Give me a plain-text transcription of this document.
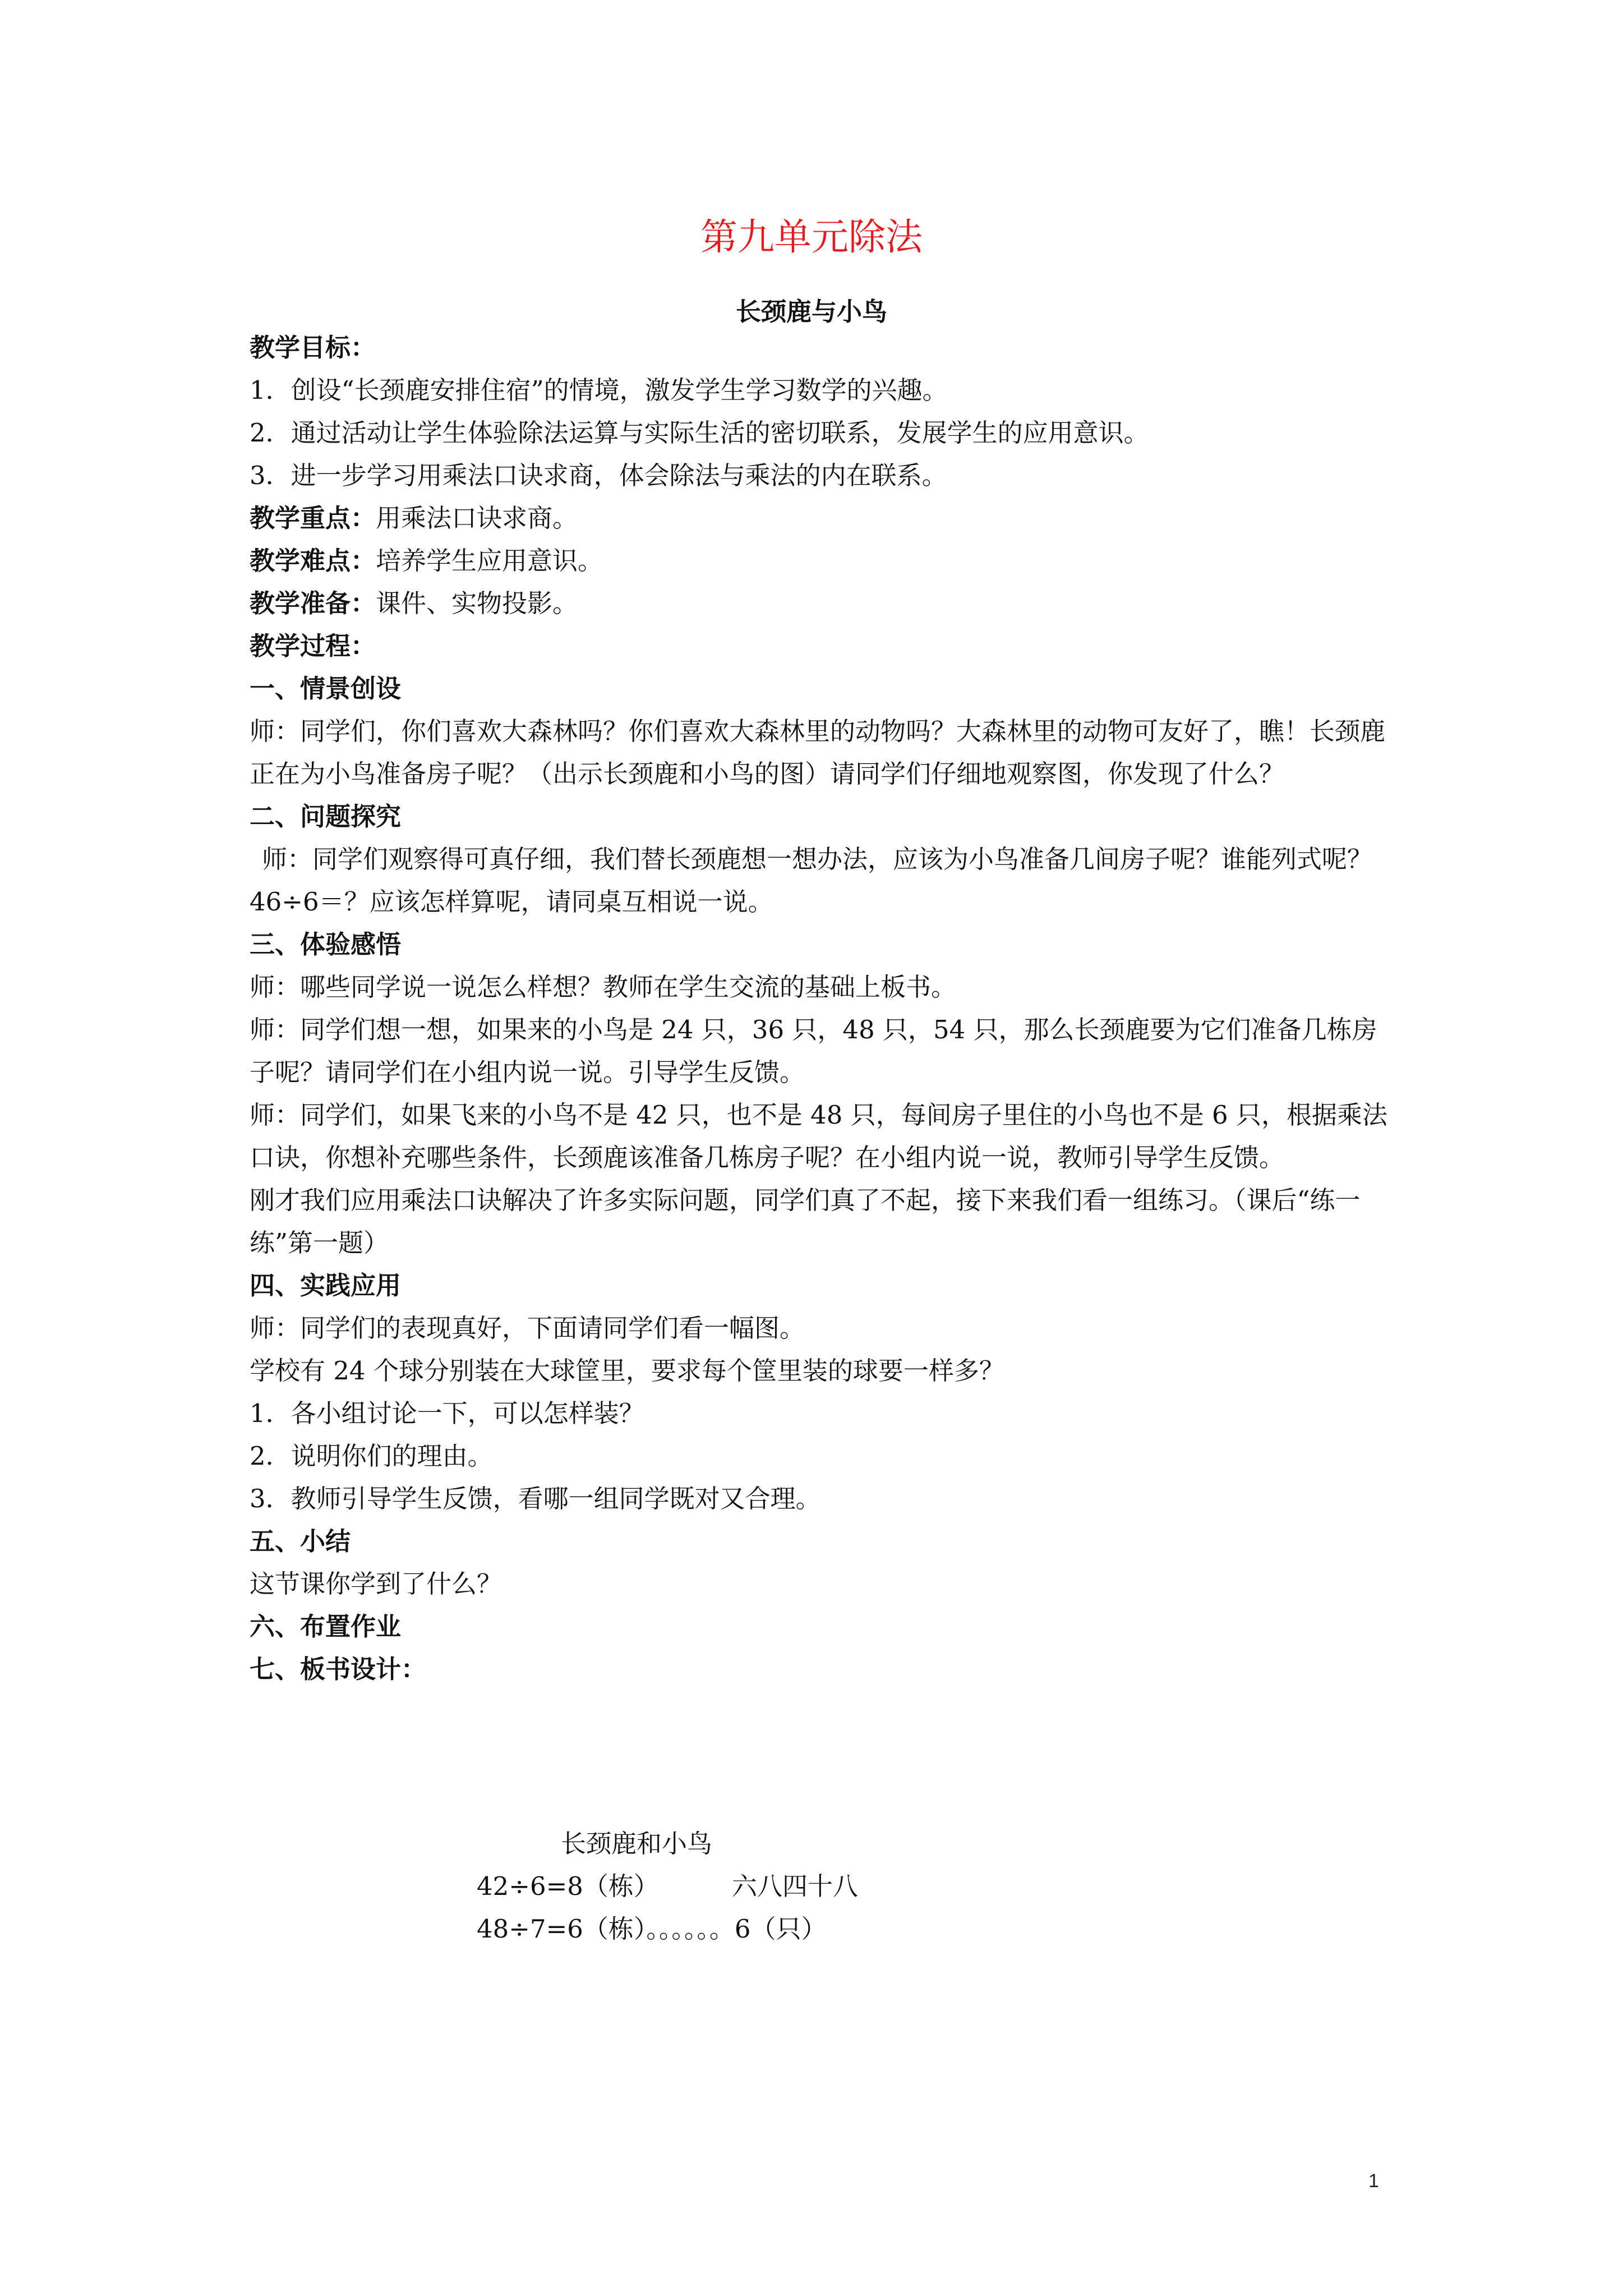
第九单元除法
长颈鹿与小鸟

教学目标：

1．创设“长颈鹿安排住宿”的情境，激发学生学习数学的兴趣。

2．通过活动让学生体验除法运算与实际生活的密切联系，发展学生的应用意识。

3．进一步学习用乘法口诀求商，体会除法与乘法的内在联系。

教学重点：用乘法口诀求商。

教学难点：培养学生应用意识。

教学准备：课件、实物投影。

教学过程：

一、情景创设

师：同学们，你们喜欢大森林吗？你们喜欢大森林里的动物吗？大森林里的动物可友好了，瞧！长颈鹿正在为小鸟准备房子呢？（出示长颈鹿和小鸟的图）请同学们仔细地观察图，你发现了什么？

二、问题探究

师：同学们观察得可真仔细，我们替长颈鹿想一想办法，应该为小鸟准备几间房子呢？谁能列式呢？

46÷6＝？应该怎样算呢，请同桌互相说一说。

三、体验感悟

师：哪些同学说一说怎么样想？教师在学生交流的基础上板书。

师：同学们想一想，如果来的小鸟是 24 只，36 只，48 只，54 只，那么长颈鹿要为它们准备几栋房子呢？请同学们在小组内说一说。引导学生反馈。

师：同学们，如果飞来的小鸟不是 42 只，也不是 48 只，每间房子里住的小鸟也不是 6 只，根据乘法口诀，你想补充哪些条件，长颈鹿该准备几栋房子呢？在小组内说一说，教师引导学生反馈。

刚才我们应用乘法口诀解决了许多实际问题，同学们真了不起，接下来我们看一组练习。（课后“练一练”第一题）

四、实践应用

师：同学们的表现真好，下面请同学们看一幅图。

学校有 24 个球分别装在大球筐里，要求每个筐里装的球要一样多？

1．各小组讨论一下，可以怎样装？

2．说明你们的理由。

3．教师引导学生反馈，看哪一组同学既对又合理。

五、小结

这节课你学到了什么？

六、布置作业

七、板书设计：

长颈鹿和小鸟

42÷6=8（栋）	六八四十八

48÷7=6（栋）。。。。。。6（只）

1
